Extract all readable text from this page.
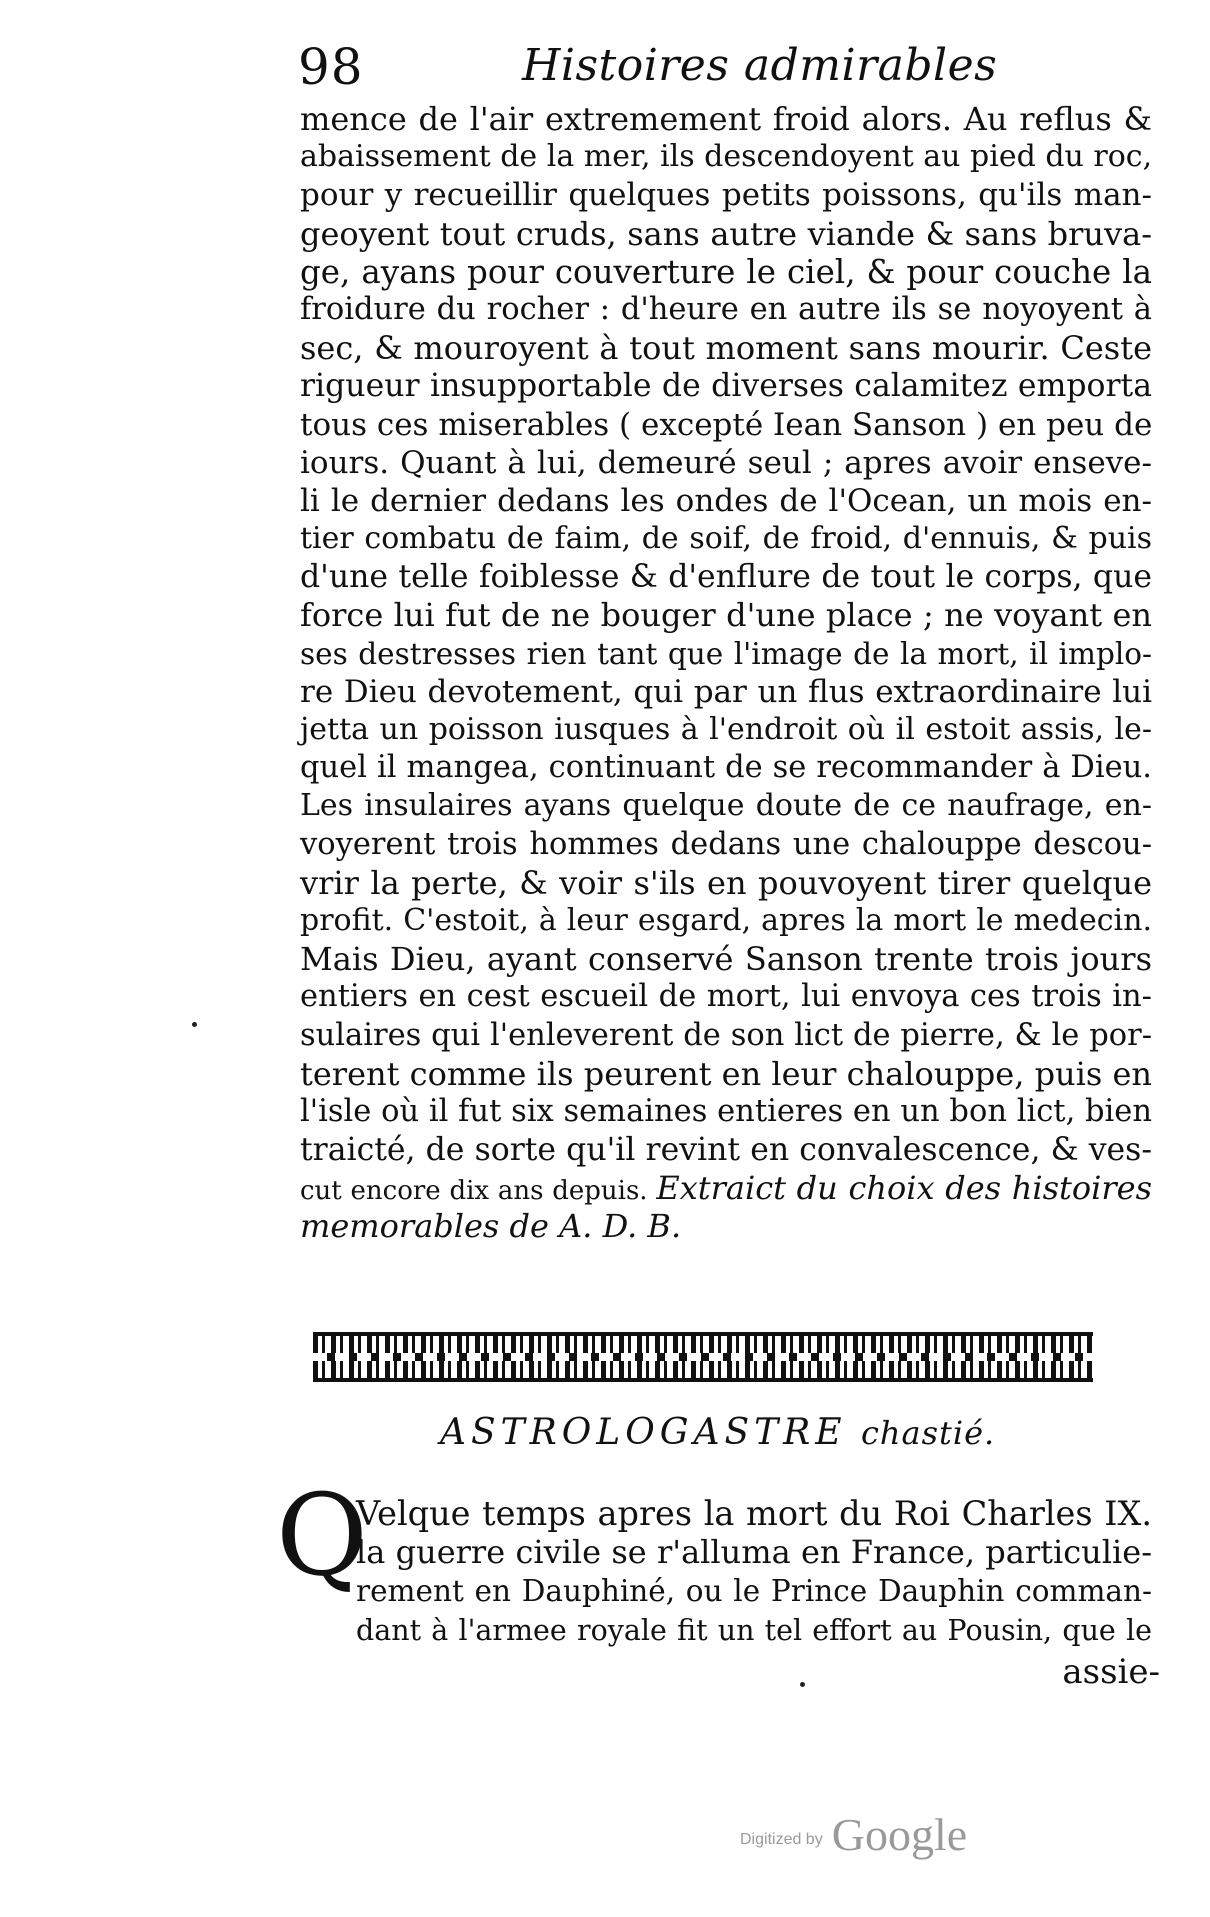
98	Histoires admirables
mence de l'air extremement froid alors. Au reflus &
abaissement de la mer, ils descendoyent au pied du roc,
pour y recueillir quelques petits poissons, qu'ils man-
geoyent tout cruds, sans autre viande & sans bruva-
ge, ayans pour couverture le ciel, & pour couche la
froidure du rocher : d'heure en autre ils se noyoyent à
sec, & mouroyent à tout moment sans mourir. Ceste
rigueur insupportable de diverses calamitez emporta
tous ces miserables ( excepté Iean Sanson ) en peu de
iours. Quant à lui, demeuré seul ; apres avoir enseve-
li le dernier dedans les ondes de l'Ocean, un mois en-
tier combatu de faim, de soif, de froid, d'ennuis, & puis
d'une telle foiblesse & d'enflure de tout le corps, que
force lui fut de ne bouger d'une place ; ne voyant en
ses destresses rien tant que l'image de la mort, il implo-
re Dieu devotement, qui par un flus extraordinaire lui
jetta un poisson iusques à l'endroit où il estoit assis, le-
quel il mangea, continuant de se recommander à Dieu.
Les insulaires ayans quelque doute de ce naufrage, en-
voyerent trois hommes dedans une chalouppe descou-
vrir la perte, & voir s'ils en pouvoyent tirer quelque
profit. C'estoit, à leur esgard, apres la mort le medecin.
Mais Dieu, ayant conservé Sanson trente trois jours
entiers en cest escueil de mort, lui envoya ces trois in-
sulaires qui l'enleverent de son lict de pierre, & le por-
terent comme ils peurent en leur chalouppe, puis en
l'isle où il fut six semaines entieres en un bon lict, bien
traicté, de sorte qu'il revint en convalescence, & ves-
cut encore dix ans depuis. Extraict du choix des histoires
memorables de A. D. B.
ASTROLOGASTRE chastié.
Q
Velque temps apres la mort du Roi Charles IX.
la guerre civile se r'alluma en France, particulie-
rement en Dauphiné, ou le Prince Dauphin comman-
dant à l'armee royale fit un tel effort au Pousin, que le
assie-
Digitized by Google
